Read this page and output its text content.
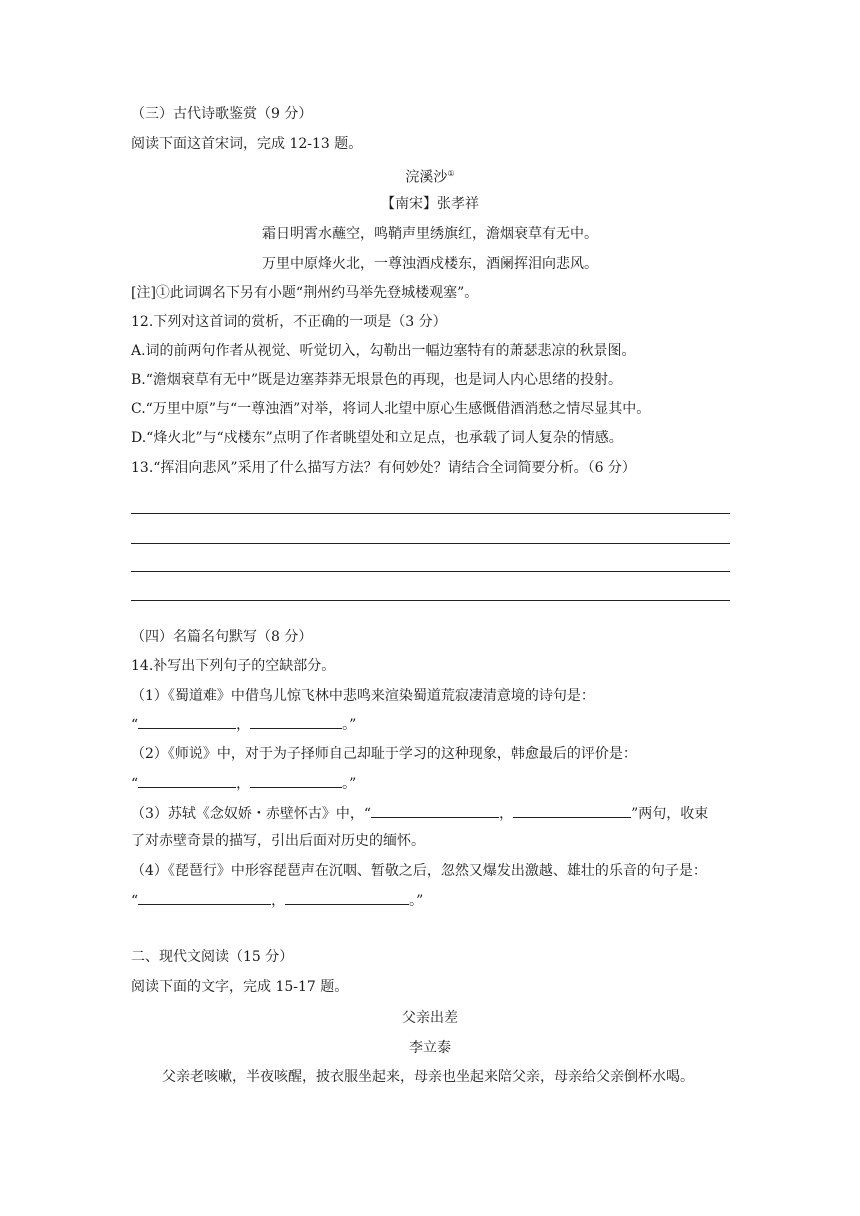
（三）古代诗歌鉴赏（9 分）
阅读下面这首宋词，完成 12-13 题。
浣溪沙①
【南宋】张孝祥
霜日明霄水蘸空，鸣鞘声里绣旗红，澹烟衰草有无中。
万里中原烽火北，一尊浊酒戍楼东，酒阑挥泪向悲风。
[注]①此词调名下另有小题“荆州约马举先登城楼观塞”。
12.下列对这首词的赏析，不正确的一项是（3 分）
A.词的前两句作者从视觉、听觉切入，勾勒出一幅边塞特有的萧瑟悲凉的秋景图。
B.“澹烟衰草有无中”既是边塞莽莽无垠景色的再现，也是词人内心思绪的投射。
C.“万里中原”与“一尊浊酒”对举，将词人北望中原心生感慨借酒消愁之情尽显其中。
D.“烽火北”与“戍楼东”点明了作者眺望处和立足点，也承载了词人复杂的情感。
13.“挥泪向悲风”采用了什么描写方法？有何妙处？请结合全词简要分析。（6 分）
（四）名篇名句默写（8 分）
14.补写出下列句子的空缺部分。
（1）《蜀道难》中借鸟儿惊飞林中悲鸣来渲染蜀道荒寂凄清意境的诗句是：
“	，	。”
（2）《师说》中，对于为子择师自己却耻于学习的这种现象，韩愈最后的评价是：
“	，	。”
（3）苏轼《念奴娇・赤壁怀古》中，“	，	”两句，收束
了对赤壁奇景的描写，引出后面对历史的缅怀。
（4）《琵琶行》中形容琵琶声在沉咽、暂敬之后，忽然又爆发出激越、雄壮的乐音的句子是：
“	，	。”
二、现代文阅读（15 分）
阅读下面的文字，完成 15-17 题。
父亲出差
李立泰
父亲老咳嗽，半夜咳醒，披衣服坐起来，母亲也坐起来陪父亲，母亲给父亲倒杯水喝。
